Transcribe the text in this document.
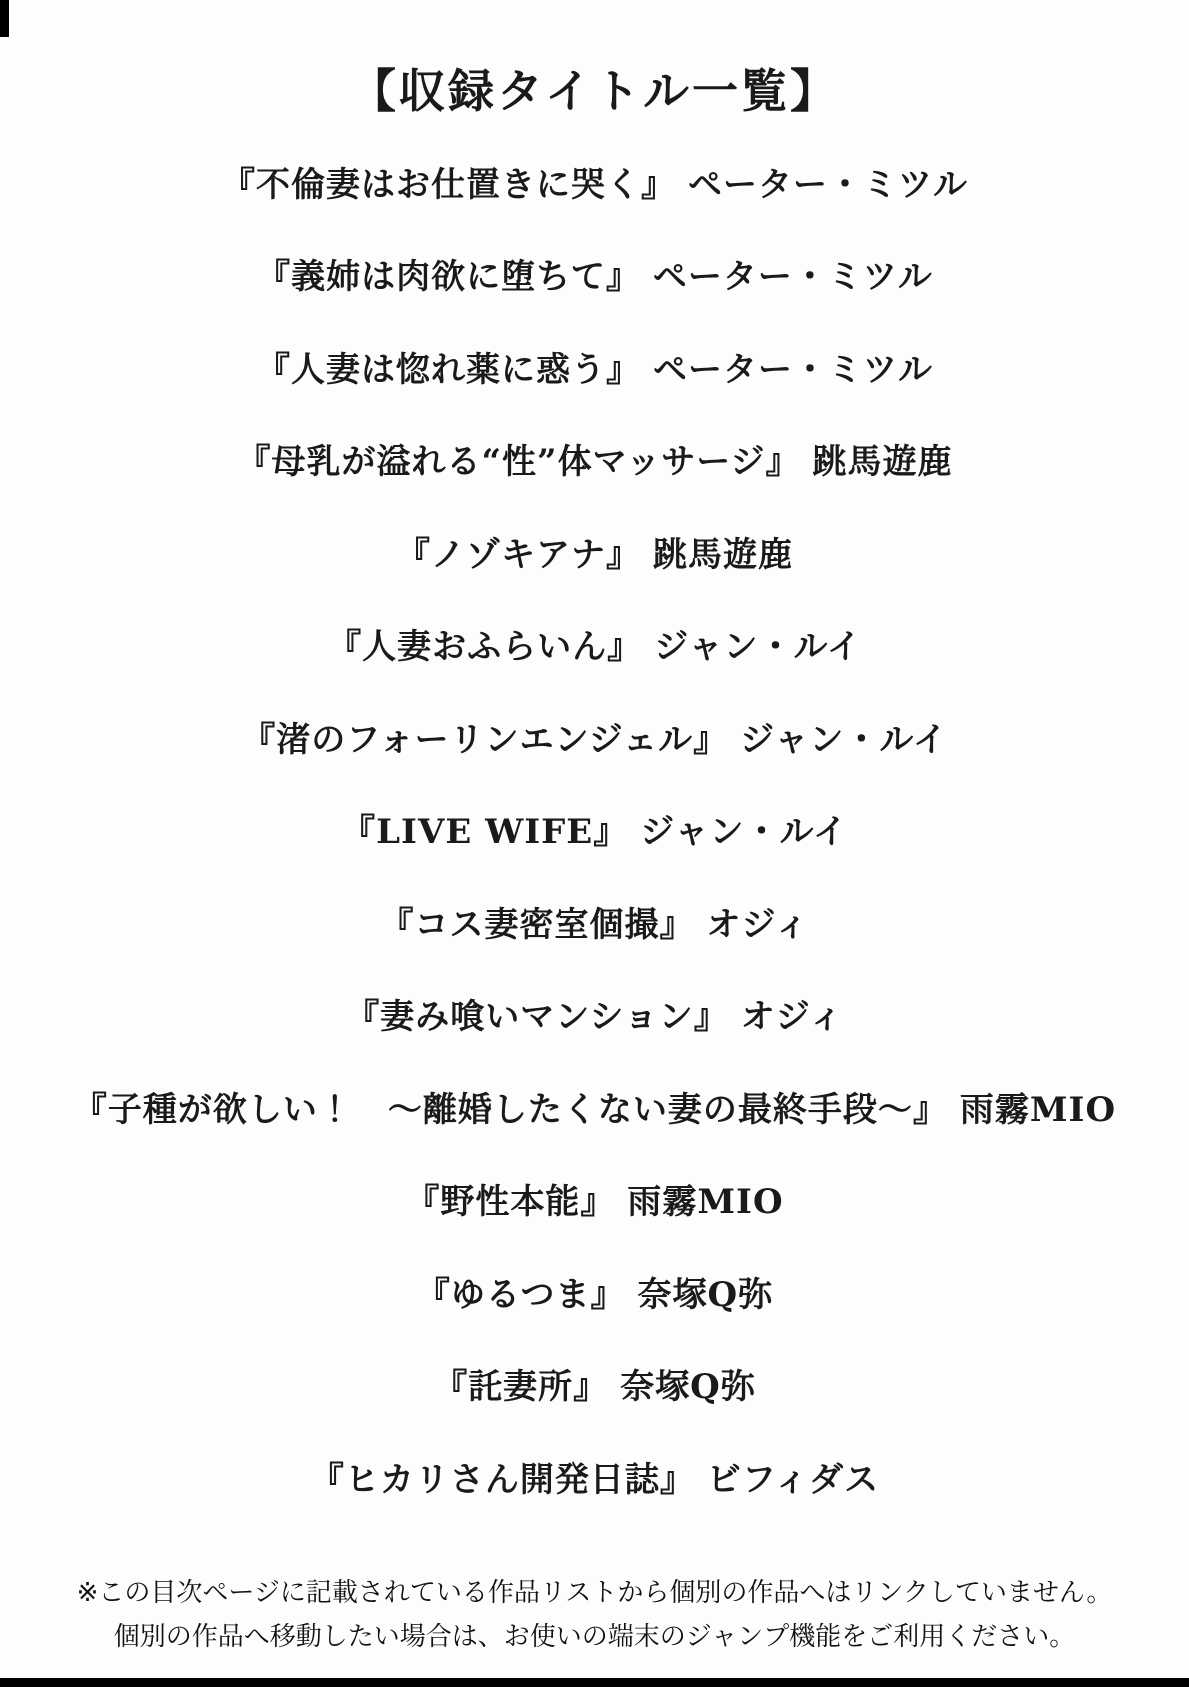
【収録タイトル一覧】
『不倫妻はお仕置きに哭く』 ペーター・ミツル
『義姉は肉欲に堕ちて』 ペーター・ミツル
『人妻は惚れ薬に惑う』 ペーター・ミツル
『母乳が溢れる“性”体マッサージ』 跳馬遊鹿
『ノゾキアナ』 跳馬遊鹿
『人妻おふらいん』 ジャン・ルイ
『渚のフォーリンエンジェル』 ジャン・ルイ
『LIVE WIFE』 ジャン・ルイ
『コス妻密室個撮』 オジィ
『妻み喰いマンション』 オジィ
『子種が欲しい！　～離婚したくない妻の最終手段～』 雨霧MIO
『野性本能』 雨霧MIO
『ゆるつま』 奈塚Q弥
『託妻所』 奈塚Q弥
『ヒカリさん開発日誌』 ビフィダス

※この目次ページに記載されている作品リストから個別の作品へはリンクしていません。

個別の作品へ移動したい場合は、お使いの端末のジャンプ機能をご利用ください。
